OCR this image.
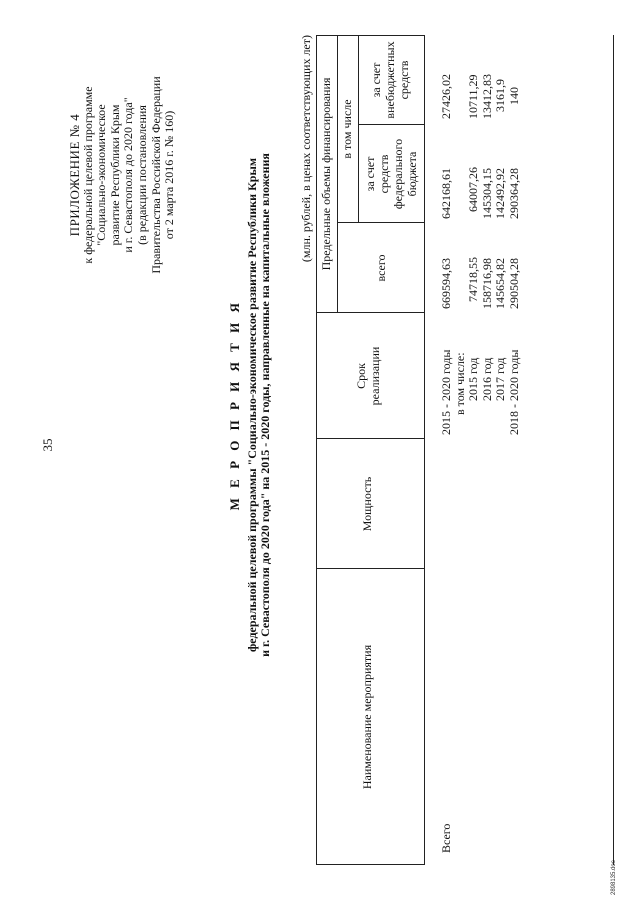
35
ПРИЛОЖЕНИЕ № 4
к федеральной целевой программе "Социально-экономическое развитие Республики Крым и г. Севастополя до 2020 года" (в редакции постановления Правительства Российской Федерации от 2 марта 2016 г. № 160)
М Е Р О П Р И Я Т И Я федеральной целевой программы "Социально-экономическое развитие Республики Крым и г. Севастополя до 2020 года" на 2015 - 2020 годы, направленные на капитальные вложения
(млн. рублей, в ценах соответствующих лет)
Наименование мероприятия
Мощность
Срок реализации
Предельные объемы финансирования	всего
в том числе
за счет средств федерального бюджета
за счет внебюджетных средств
Всего
2015 - 2020 годы в том числе: 2015 год 2016 год 2017 год 2018 - 2020 годы
669594,63 74718,55 158716,98 145654,82 290504,28
642168,61 64007,26 145304,15 142492,92 290364,28
27426,02 10711,29 13412,83 3161,9 140
2898135.doc
